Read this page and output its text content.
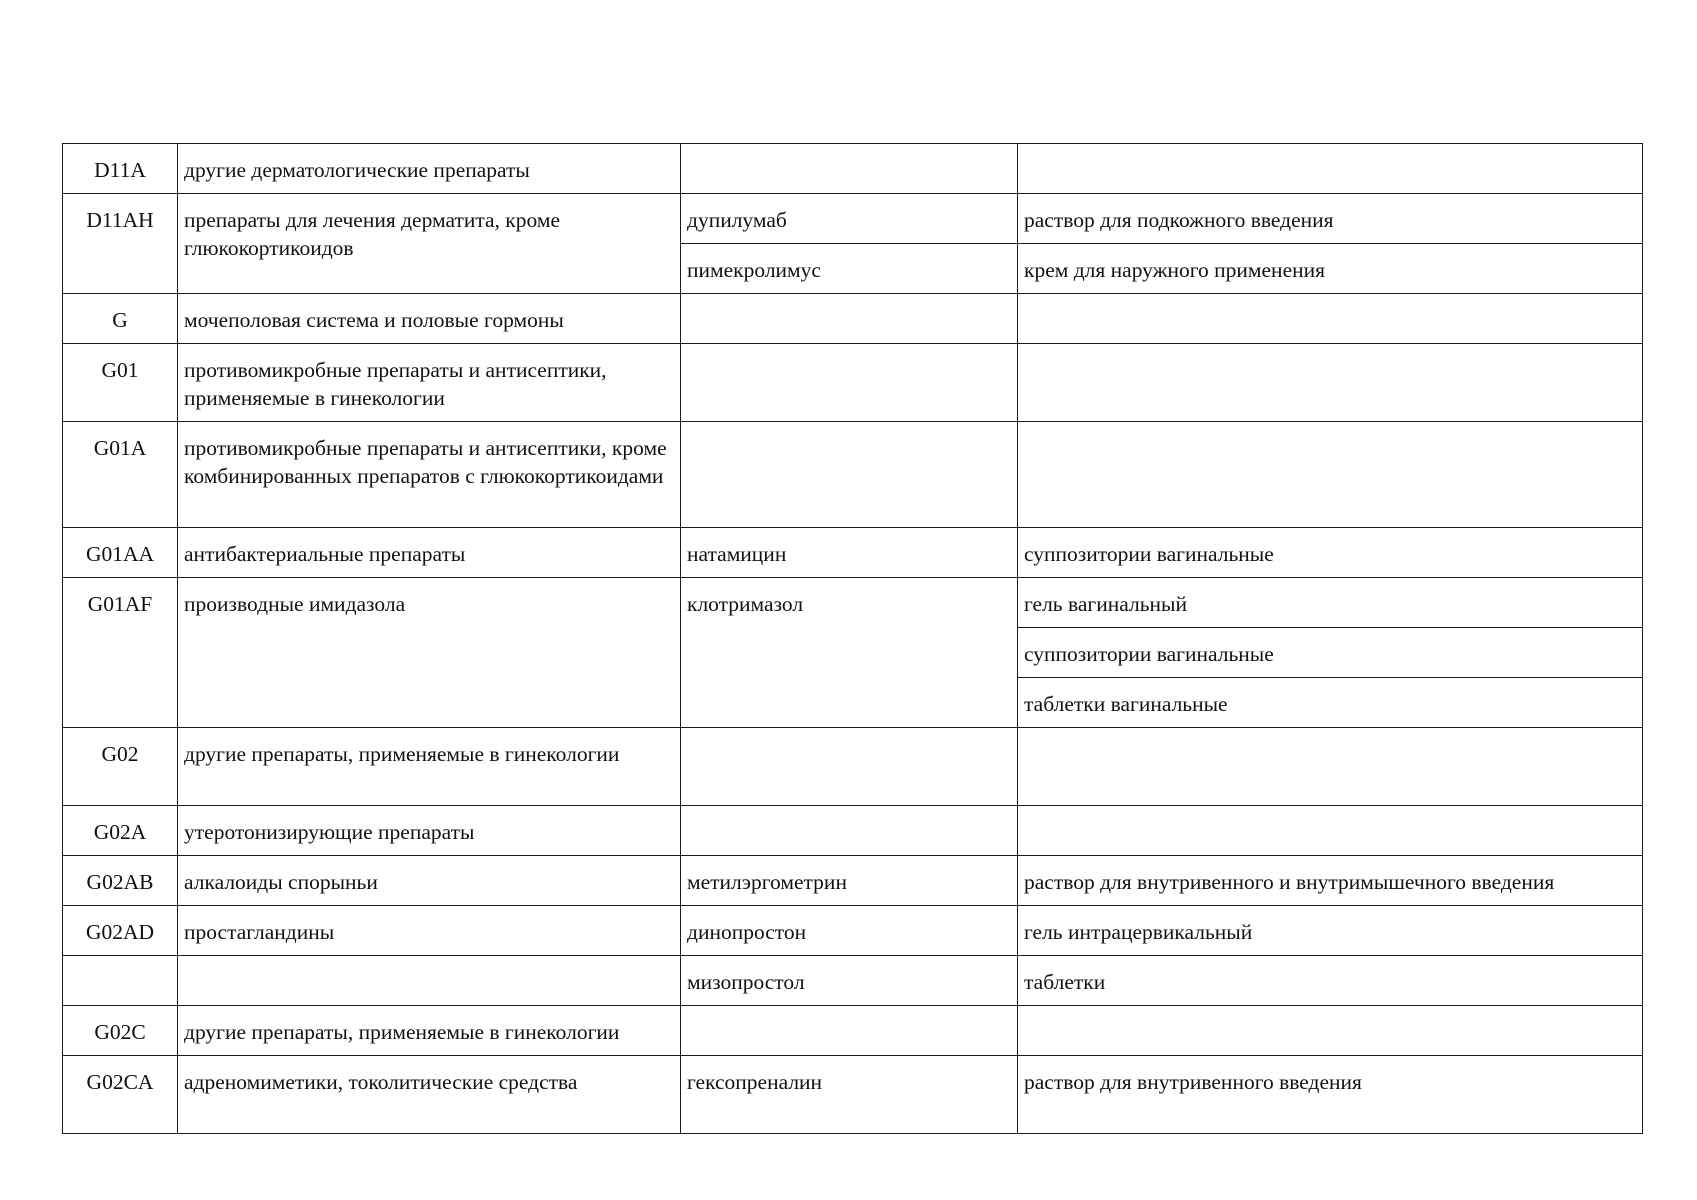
D11A	другие дерматологические препараты		
D11AH	препараты для лечения дерматита, кроме глюкокортикоидов	дупилумаб	раствор для подкожного введения
		пимекролимус	крем для наружного применения
G	мочеполовая система и половые гормоны		
G01	противомикробные препараты и антисептики, применяемые в гинекологии		
G01A	противомикробные препараты и антисептики, кроме комбинированных препаратов с глюкокортикоидами		
G01AA	антибактериальные препараты	натамицин	суппозитории вагинальные
G01AF	производные имидазола	клотримазол	гель вагинальный
			суппозитории вагинальные
			таблетки вагинальные
G02	другие препараты, применяемые в гинекологии		
G02A	утеротонизирующие препараты		
G02AB	алкалоиды спорыньи	метилэргометрин	раствор для внутривенного и внутримышечного введения
G02AD	простагландины	динопростон	гель интрацервикальный
		мизопростол	таблетки
G02C	другие препараты, применяемые в гинекологии		
G02CA	адреномиметики, токолитические средства	гексопреналин	раствор для внутривенного введения
